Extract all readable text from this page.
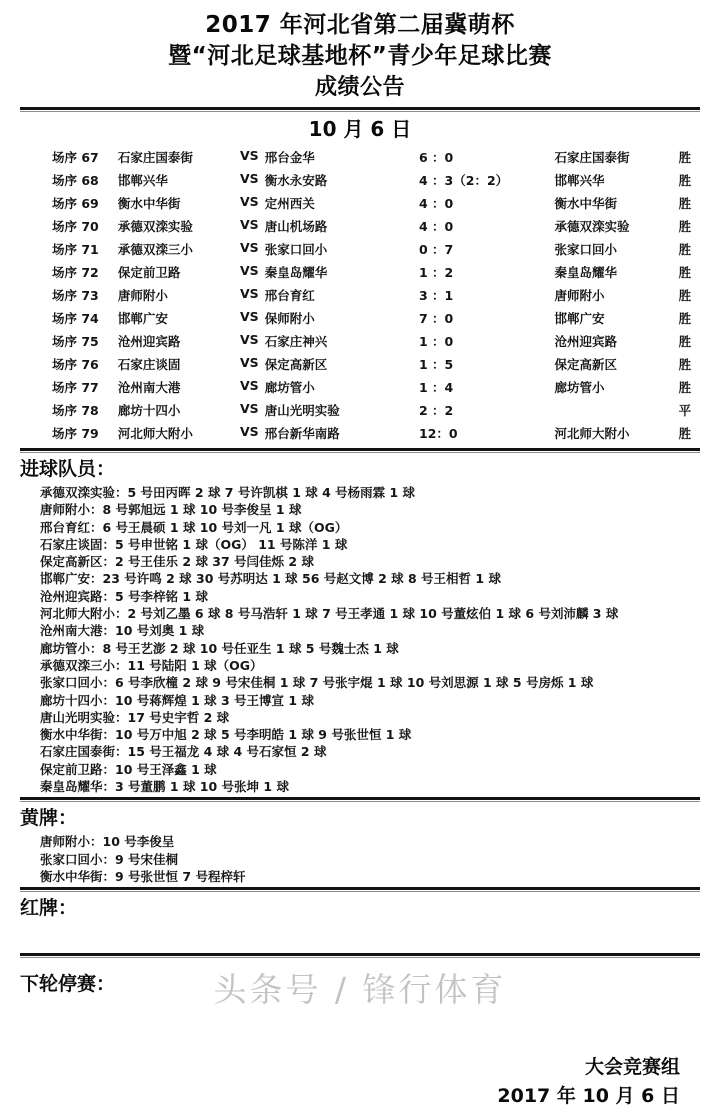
2017 年河北省第二届冀萌杯
暨“河北足球基地杯”青少年足球比赛
成绩公告
10 月 6 日
场序 67	石家庄国泰街	VS	邢台金华	6 ：0	石家庄国泰街	胜
场序 68	邯郸兴华	VS	衡水永安路	4 ：3（2：2）	邯郸兴华	胜
场序 69	衡水中华街	VS	定州西关	4 ：0	衡水中华街	胜
场序 70	承德双滦实验	VS	唐山机场路	4 ：0	承德双滦实验	胜
场序 71	承德双滦三小	VS	张家口回小	0 ：7	张家口回小	胜
场序 72	保定前卫路	VS	秦皇岛耀华	1 ：2	秦皇岛耀华	胜
场序 73	唐师附小	VS	邢台育红	3 ：1	唐师附小	胜
场序 74	邯郸广安	VS	保师附小	7 ：0	邯郸广安	胜
场序 75	沧州迎宾路	VS	石家庄神兴	1 ：0	沧州迎宾路	胜
场序 76	石家庄谈固	VS	保定高新区	1 ：5	保定高新区	胜
场序 77	沧州南大港	VS	廊坊管小	1 ：4	廊坊管小	胜
场序 78	廊坊十四小	VS	唐山光明实验	2 ：2		平
场序 79	河北师大附小	VS	邢台新华南路	12：0	河北师大附小	胜
进球队员：
承德双滦实验：5 号田丙晖 2 球 7 号许凯棋 1 球 4 号杨雨霖 1 球
唐师附小：8 号郭旭远 1 球 10 号李俊呈 1 球
邢台育红：6 号王晨硕 1 球 10 号刘一凡 1 球（OG）
石家庄谈固：5 号申世铭 1 球（OG） 11 号陈洋 1 球
保定高新区：2 号王佳乐 2 球 37 号闫佳烁 2 球
邯郸广安：23 号许鸣 2 球 30 号苏明达 1 球 56 号赵文博 2 球 8 号王相哲 1 球
沧州迎宾路：5 号李梓铭 1 球
河北师大附小：2 号刘乙墨 6 球 8 号马浩轩 1 球 7 号王孝通 1 球 10 号董炫伯 1 球 6 号刘沛麟 3 球
沧州南大港：10 号刘奥 1 球
廊坊管小：8 号王艺澎 2 球 10 号任亚生 1 球 5 号魏士杰 1 球
承德双滦三小：11 号陆阳 1 球（OG）
张家口回小：6 号李欣橦 2 球 9 号宋佳桐 1 球 7 号张宇焜 1 球 10 号刘思源 1 球 5 号房烁 1 球
廊坊十四小：10 号蒋辉煌 1 球 3 号王博宣 1 球
唐山光明实验：17 号史宇哲 2 球
衡水中华街：10 号万中旭 2 球 5 号李明皓 1 球 9 号张世恒 1 球
石家庄国泰街：15 号王福龙 4 球 4 号石家恒 2 球
保定前卫路：10 号王泽鑫 1 球
秦皇岛耀华：3 号董鹏 1 球 10 号张坤 1 球
黄牌：
唐师附小：10 号李俊呈
张家口回小：9 号宋佳桐
衡水中华街：9 号张世恒 7 号程梓轩
红牌：
下轮停赛：
大会竞赛组
2017 年 10 月 6 日
头条号 / 锋行体育
